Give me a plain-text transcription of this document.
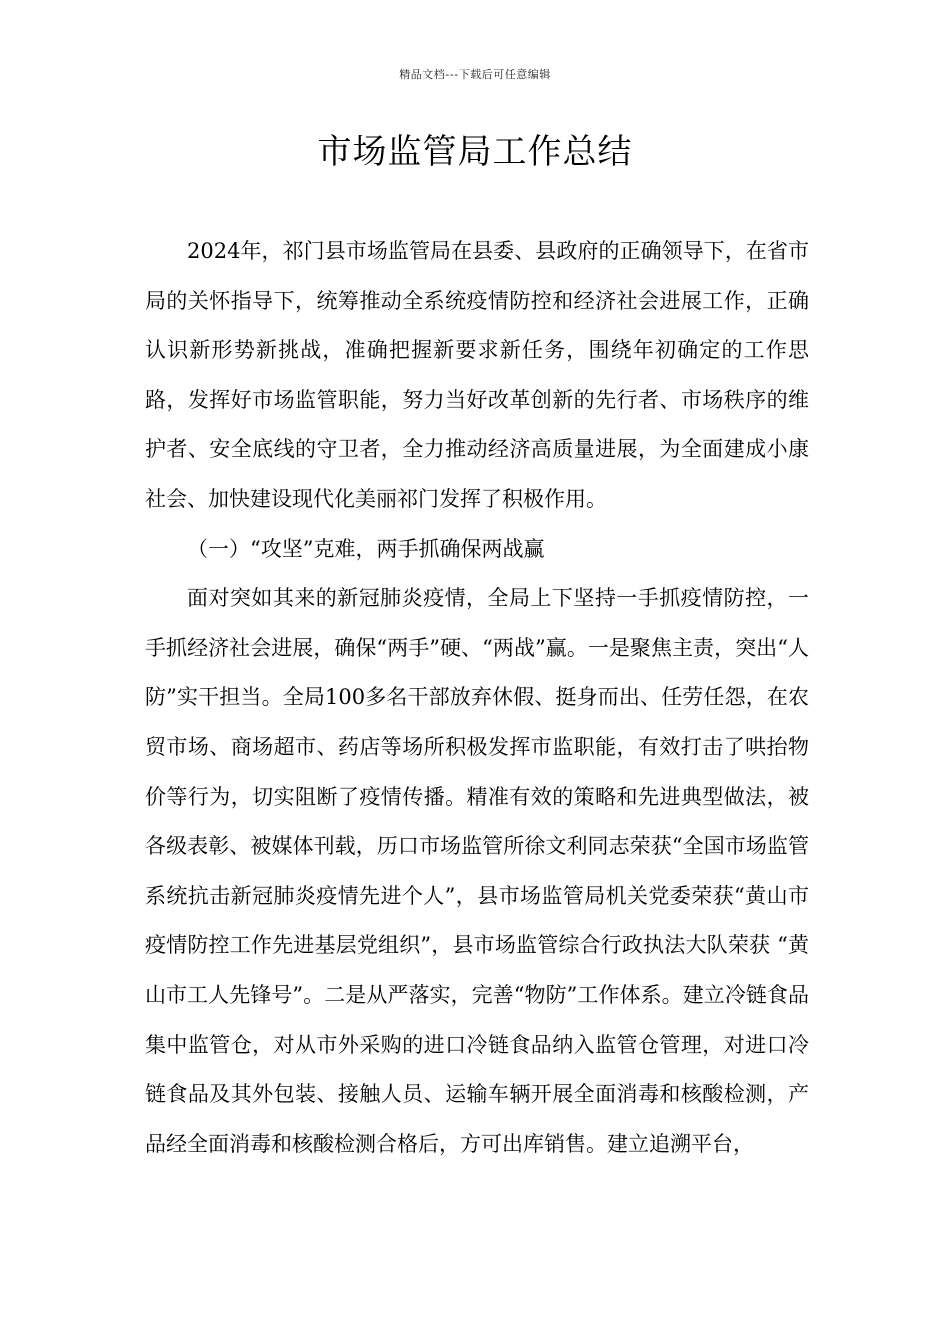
精品文档---下载后可任意编辑
市场监管局工作总结

2024年，祁门县市场监管局在县委、县政府的正确领导下，在省市局的关怀指导下，统筹推动全系统疫情防控和经济社会进展工作，正确认识新形势新挑战，准确把握新要求新任务，围绕年初确定的工作思路，发挥好市场监管职能，努力当好改革创新的先行者、市场秩序的维护者、安全底线的守卫者，全力推动经济高质量进展，为全面建成小康社会、加快建设现代化美丽祁门发挥了积极作用。

（一）“攻坚”克难，两手抓确保两战赢

面对突如其来的新冠肺炎疫情，全局上下坚持一手抓疫情防控，一手抓经济社会进展，确保“两手”硬、“两战”赢。一是聚焦主责，突出“人防”实干担当。全局100多名干部放弃休假、挺身而出、任劳任怨，在农贸市场、商场超市、药店等场所积极发挥市监职能，有效打击了哄抬物价等行为，切实阻断了疫情传播。精准有效的策略和先进典型做法，被各级表彰、被媒体刊载，历口市场监管所徐文利同志荣获“全国市场监管系统抗击新冠肺炎疫情先进个人”，县市场监管局机关党委荣获“黄山市疫情防控工作先进基层党组织”，县市场监管综合行政执法大队荣获 “黄山市工人先锋号”。二是从严落实，完善“物防”工作体系。建立冷链食品集中监管仓，对从市外采购的进口冷链食品纳入监管仓管理，对进口冷链食品及其外包装、接触人员、运输车辆开展全面消毒和核酸检测，产品经全面消毒和核酸检测合格后，方可出库销售。建立追溯平台，
